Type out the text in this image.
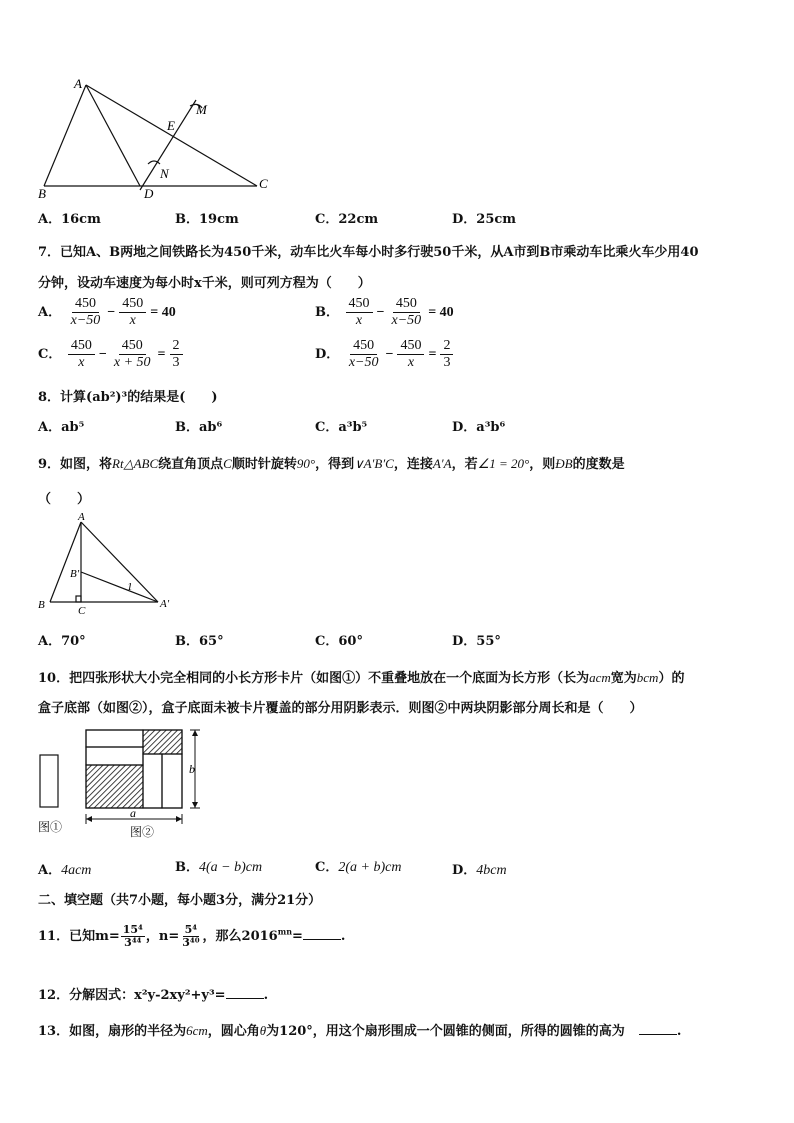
A
B
C
D
E
M
N
A．16cm	B．19cm	C．22cm	D．25cm
7．已知A、B两地之间铁路长为450千米，动车比火车每小时多行驶50千米，从A市到B市乘动车比乘火车少用40
分钟，设动车速度为每小时x千米，则可列方程为（　　）
A． $\frac{450}{x-50} - \frac{450}{x} = 40$	B． $\frac{450}{x} - \frac{450}{x-50} = 40$
C． $\frac{450}{x} - \frac{450}{x + 50} = \frac{2}{3}$	D． $\frac{450}{x-50} - \frac{450}{x} = \frac{2}{3}$
8．计算(ab²)³的结果是(　　)
A．ab⁵	B．ab⁶	C．a³b⁵	D．a³b⁶
9．如图，将Rt△ABC绕直角顶点C顺时针旋转90°，得到∨A′B′C，连接A′A，若∠1 = 20°，则ÐB的度数是
（　　）
A
B	C
B′
A′
1
A．70°	B．65°	C．60°	D．55°
10．把四张形状大小完全相同的小长方形卡片（如图①）不重叠地放在一个底面为长方形（长为acm宽为bcm）的
盒子底部（如图②），盒子底面未被卡片覆盖的部分用阴影表示．则图②中两块阴影部分周长和是（　　）
b
a
图①	图②
A．4acm	B．4(a − b)cm	C．2(a + b)cm	D．4bcm
二、填空题（共7小题，每小题3分，满分21分）
11．已知$m= \frac{\text{15⁴}}{\text{3⁴⁴}}$ ，$n= \frac{\text{5⁴}}{\text{3⁴⁰}}$ ，那么$2016^{mn}=$	.
12．分解因式：x²y-2xy²+y³=	.
13．如图，扇形的半径为6cm，圆心角θ为120°，用这个扇形围成一个圆锥的侧面，所得的圆锥的高为	.
